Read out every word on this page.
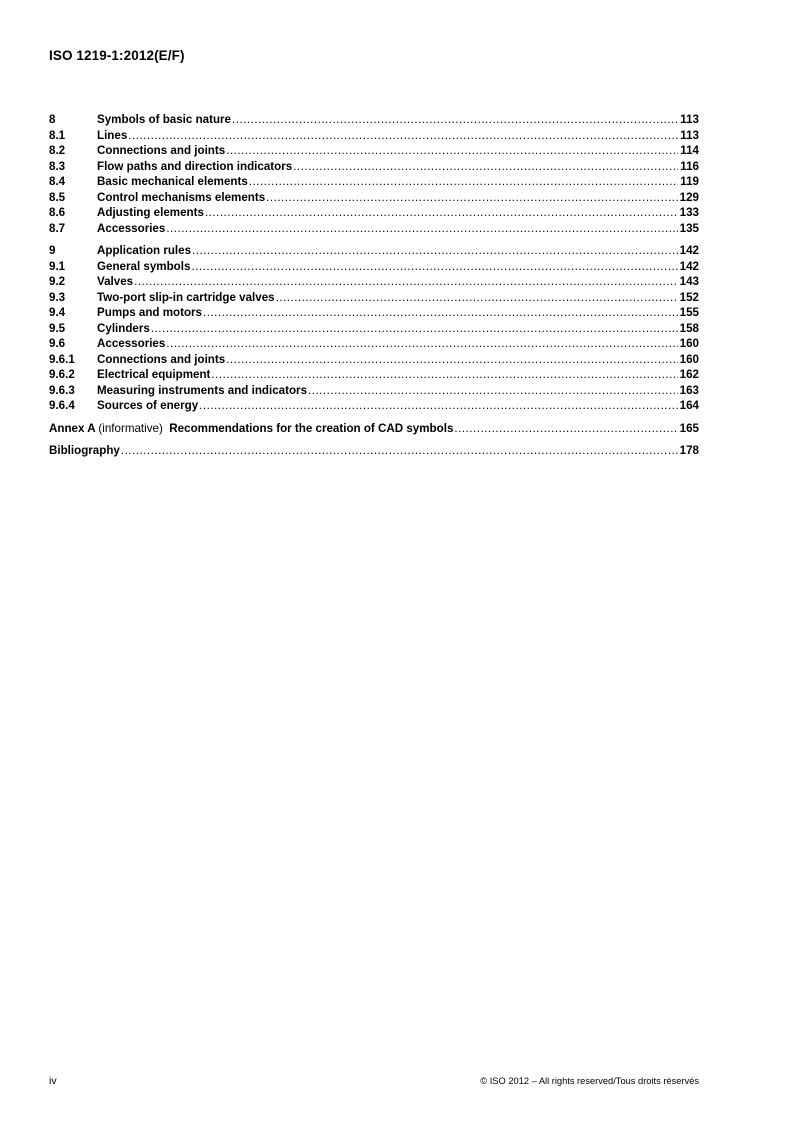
ISO 1219-1:2012(E/F)
8	Symbols of basic nature .....	113
8.1	Lines .....	113
8.2	Connections and joints .....	114
8.3	Flow paths and direction indicators .....	116
8.4	Basic mechanical elements .....	119
8.5	Control mechanisms elements .....	129
8.6	Adjusting elements .....	133
8.7	Accessories .....	135
9	Application rules .....	142
9.1	General symbols .....	142
9.2	Valves .....	143
9.3	Two-port slip-in cartridge valves .....	152
9.4	Pumps and motors .....	155
9.5	Cylinders .....	158
9.6	Accessories .....	160
9.6.1	Connections and joints .....	160
9.6.2	Electrical equipment .....	162
9.6.3	Measuring instruments and indicators .....	163
9.6.4	Sources of energy .....	164
Annex A (informative) Recommendations for the creation of CAD symbols .....	165
Bibliography .....	178
iv	© ISO 2012 – All rights reserved/Tous droits réservés
